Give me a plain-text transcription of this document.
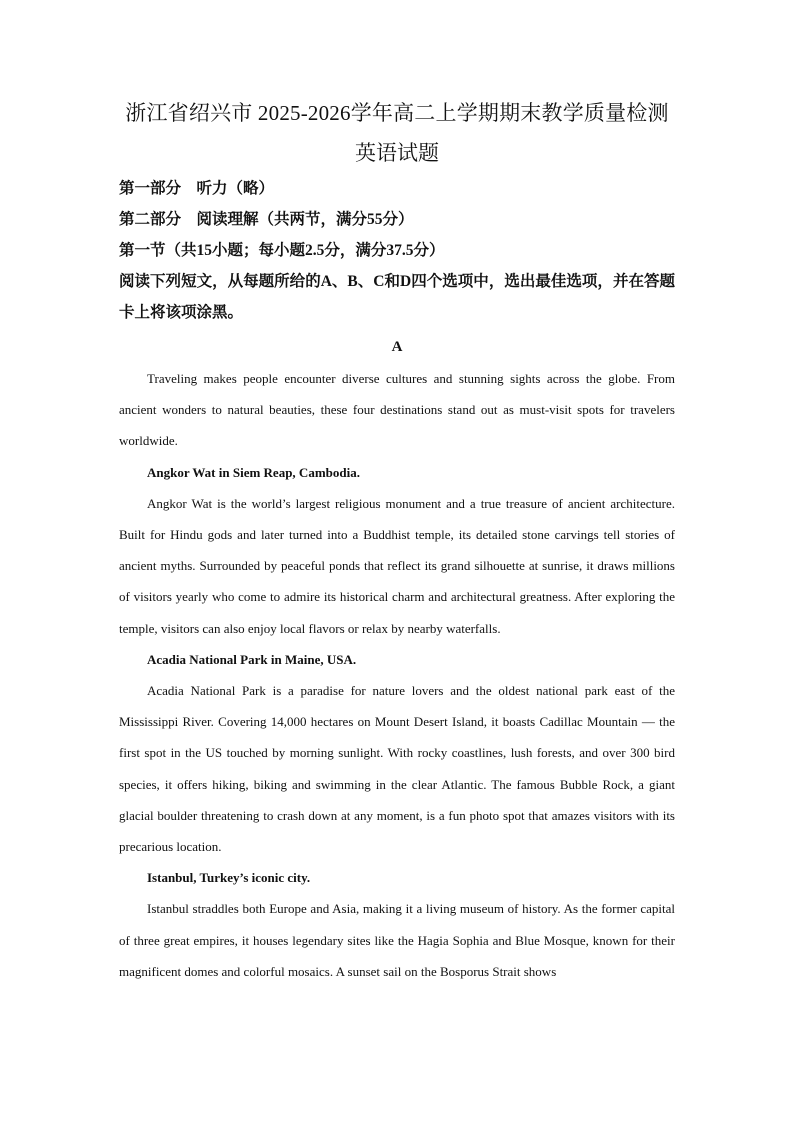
浙江省绍兴市 2025-2026学年高二上学期期末教学质量检测
英语试题

第一部分　听力（略）

第二部分　阅读理解（共两节，满分55分）

第一节（共15小题；每小题2.5分，满分37.5分）

阅读下列短文，从每题所给的A、B、C和D四个选项中，选出最佳选项，并在答题卡上将该项涂黑。

A

Traveling makes people encounter diverse cultures and stunning sights across the globe. From ancient wonders to natural beauties, these four destinations stand out as must-visit spots for travelers worldwide.

Angkor Wat in Siem Reap, Cambodia.

Angkor Wat is the world’s largest religious monument and a true treasure of ancient architecture. Built for Hindu gods and later turned into a Buddhist temple, its detailed stone carvings tell stories of ancient myths. Surrounded by peaceful ponds that reflect its grand silhouette at sunrise, it draws millions of visitors yearly who come to admire its historical charm and architectural greatness. After exploring the temple, visitors can also enjoy local flavors or relax by nearby waterfalls.

Acadia National Park in Maine, USA.

Acadia National Park is a paradise for nature lovers and the oldest national park east of the Mississippi River. Covering 14,000 hectares on Mount Desert Island, it boasts Cadillac Mountain — the first spot in the US touched by morning sunlight. With rocky coastlines, lush forests, and over 300 bird species, it offers hiking, biking and swimming in the clear Atlantic. The famous Bubble Rock, a giant glacial boulder threatening to crash down at any moment, is a fun photo spot that amazes visitors with its precarious location.

Istanbul, Turkey’s iconic city.

Istanbul straddles both Europe and Asia, making it a living museum of history. As the former capital of three great empires, it houses legendary sites like the Hagia Sophia and Blue Mosque, known for their magnificent domes and colorful mosaics. A sunset sail on the Bosporus Strait shows
